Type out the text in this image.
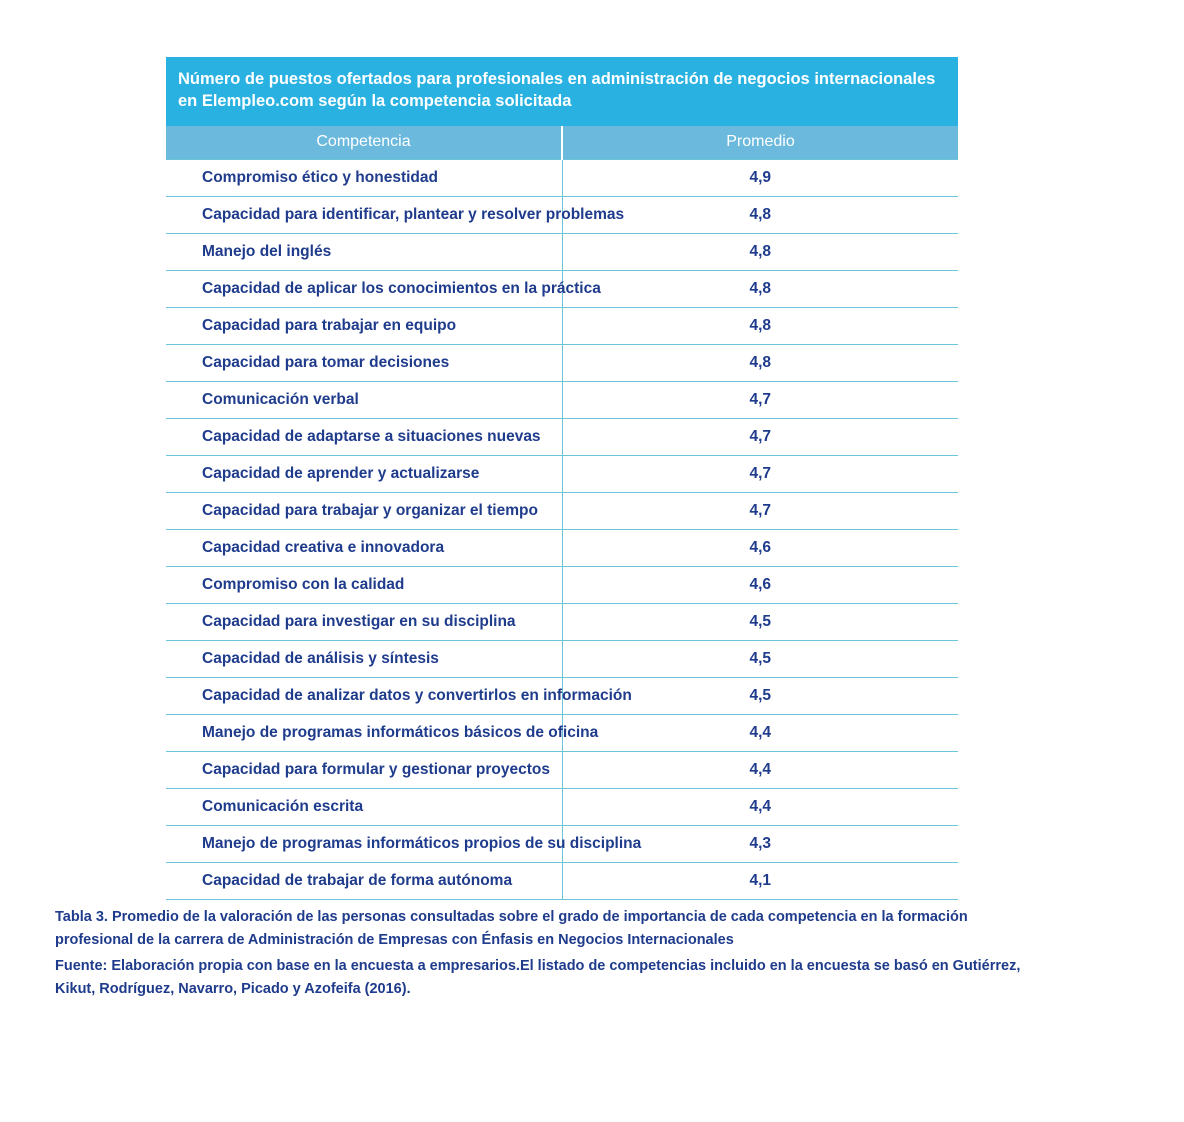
Número de puestos ofertados para profesionales en administración de negocios internacionales en Elempleo.com según la competencia solicitada	
Competencia	Promedio
Compromiso ético y honestidad	4,9
Capacidad para identificar, plantear y resolver problemas	4,8
Manejo del inglés	4,8
Capacidad de aplicar los conocimientos en la práctica	4,8
Capacidad para trabajar en equipo	4,8
Capacidad para tomar decisiones	4,8
Comunicación verbal	4,7
Capacidad de adaptarse a situaciones nuevas	4,7
Capacidad de aprender y actualizarse	4,7
Capacidad para trabajar y organizar el tiempo	4,7
Capacidad creativa e innovadora	4,6
Compromiso con la calidad	4,6
Capacidad para investigar en su disciplina	4,5
Capacidad de análisis y síntesis	4,5
Capacidad de analizar datos y convertirlos en información	4,5
Manejo de programas informáticos básicos de oficina	4,4
Capacidad para formular y gestionar proyectos	4,4
Comunicación escrita	4,4
Manejo de programas informáticos propios de su disciplina	4,3
Capacidad de trabajar de forma autónoma	4,1

Tabla 3. Promedio de la valoración de las personas consultadas sobre el grado de importancia de cada competencia en la formación

profesional de la carrera de Administración de Empresas con Énfasis en Negocios Internacionales

Fuente: Elaboración propia con base en la encuesta a empresarios.El listado de competencias incluido en la encuesta se basó en Gutiérrez,

Kikut, Rodríguez, Navarro, Picado y Azofeifa (2016).
